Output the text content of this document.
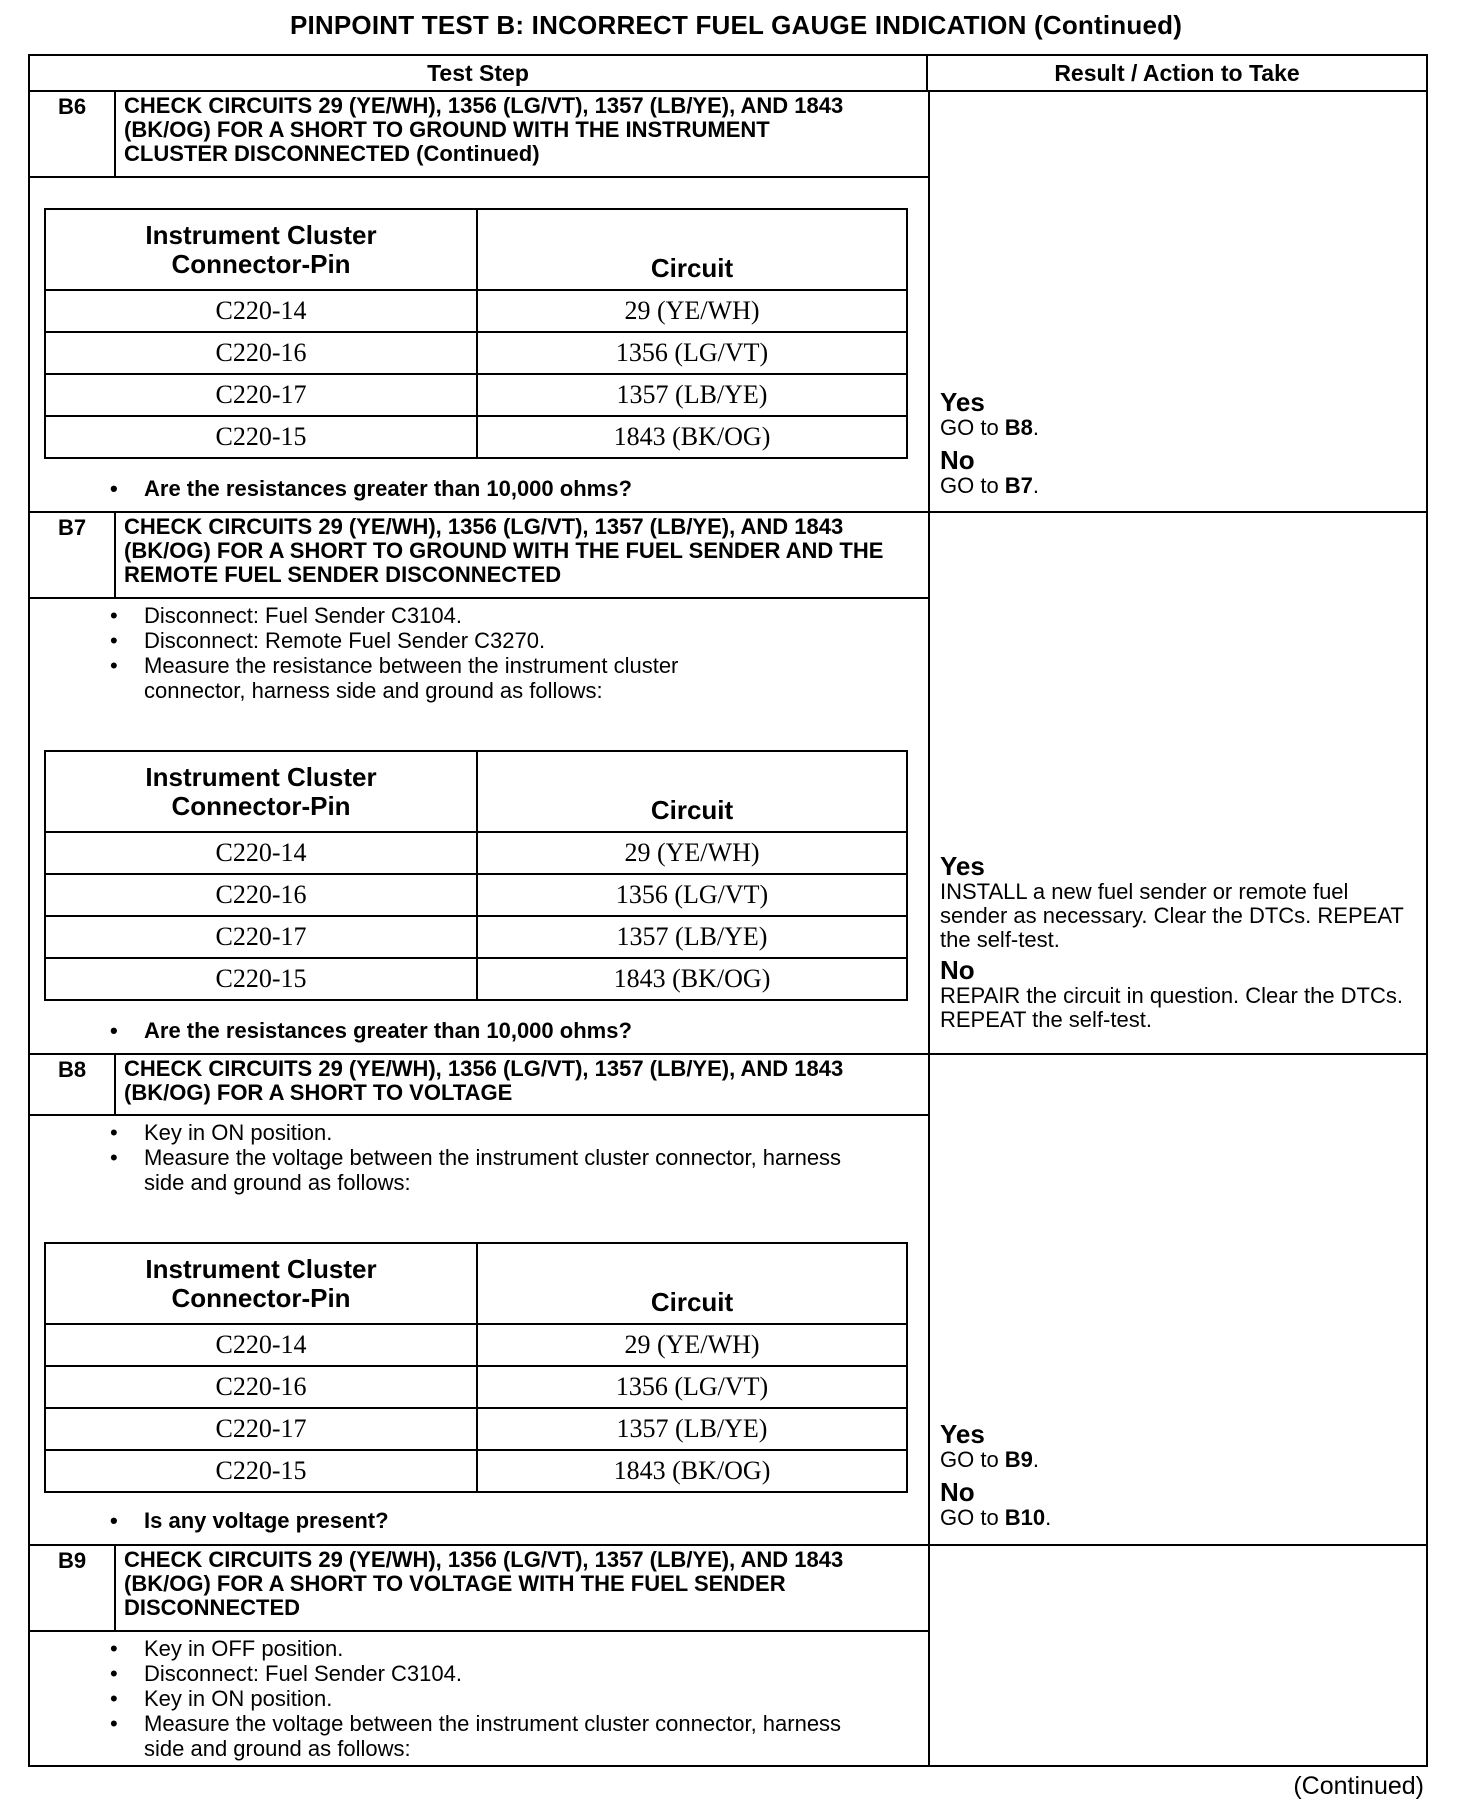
PINPOINT TEST B: INCORRECT FUEL GAUGE INDICATION (Continued)
Test Step	Result / Action to Take
B6	CHECK CIRCUITS 29 (YE/WH), 1356 (LG/VT), 1357 (LB/YE), AND 1843 (BK/OG) FOR A SHORT TO GROUND WITH THE INSTRUMENT CLUSTER DISCONNECTED (Continued)
Instrument Cluster
Connector-Pin	Circuit
C220-14	29 (YE/WH)
C220-16	1356 (LG/VT)
C220-17	1357 (LB/YE)
C220-15	1843 (BK/OG)
• Are the resistances greater than 10,000 ohms?
Yes
GO to B8.
No
GO to B7.
B7	CHECK CIRCUITS 29 (YE/WH), 1356 (LG/VT), 1357 (LB/YE), AND 1843 (BK/OG) FOR A SHORT TO GROUND WITH THE FUEL SENDER AND THE REMOTE FUEL SENDER DISCONNECTED
• Disconnect: Fuel Sender C3104.
• Disconnect: Remote Fuel Sender C3270.
• Measure the resistance between the instrument cluster connector, harness side and ground as follows:
Instrument Cluster
Connector-Pin	Circuit
C220-14	29 (YE/WH)
C220-16	1356 (LG/VT)
C220-17	1357 (LB/YE)
C220-15	1843 (BK/OG)
• Are the resistances greater than 10,000 ohms?
Yes
INSTALL a new fuel sender or remote fuel sender as necessary. Clear the DTCs. REPEAT the self-test.
No
REPAIR the circuit in question. Clear the DTCs. REPEAT the self-test.
B8	CHECK CIRCUITS 29 (YE/WH), 1356 (LG/VT), 1357 (LB/YE), AND 1843 (BK/OG) FOR A SHORT TO VOLTAGE
• Key in ON position.
• Measure the voltage between the instrument cluster connector, harness side and ground as follows:
Instrument Cluster
Connector-Pin	Circuit
C220-14	29 (YE/WH)
C220-16	1356 (LG/VT)
C220-17	1357 (LB/YE)
C220-15	1843 (BK/OG)
• Is any voltage present?
Yes
GO to B9.
No
GO to B10.
B9	CHECK CIRCUITS 29 (YE/WH), 1356 (LG/VT), 1357 (LB/YE), AND 1843 (BK/OG) FOR A SHORT TO VOLTAGE WITH THE FUEL SENDER DISCONNECTED
• Key in OFF position.
• Disconnect: Fuel Sender C3104.
• Key in ON position.
• Measure the voltage between the instrument cluster connector, harness side and ground as follows:
(Continued)
